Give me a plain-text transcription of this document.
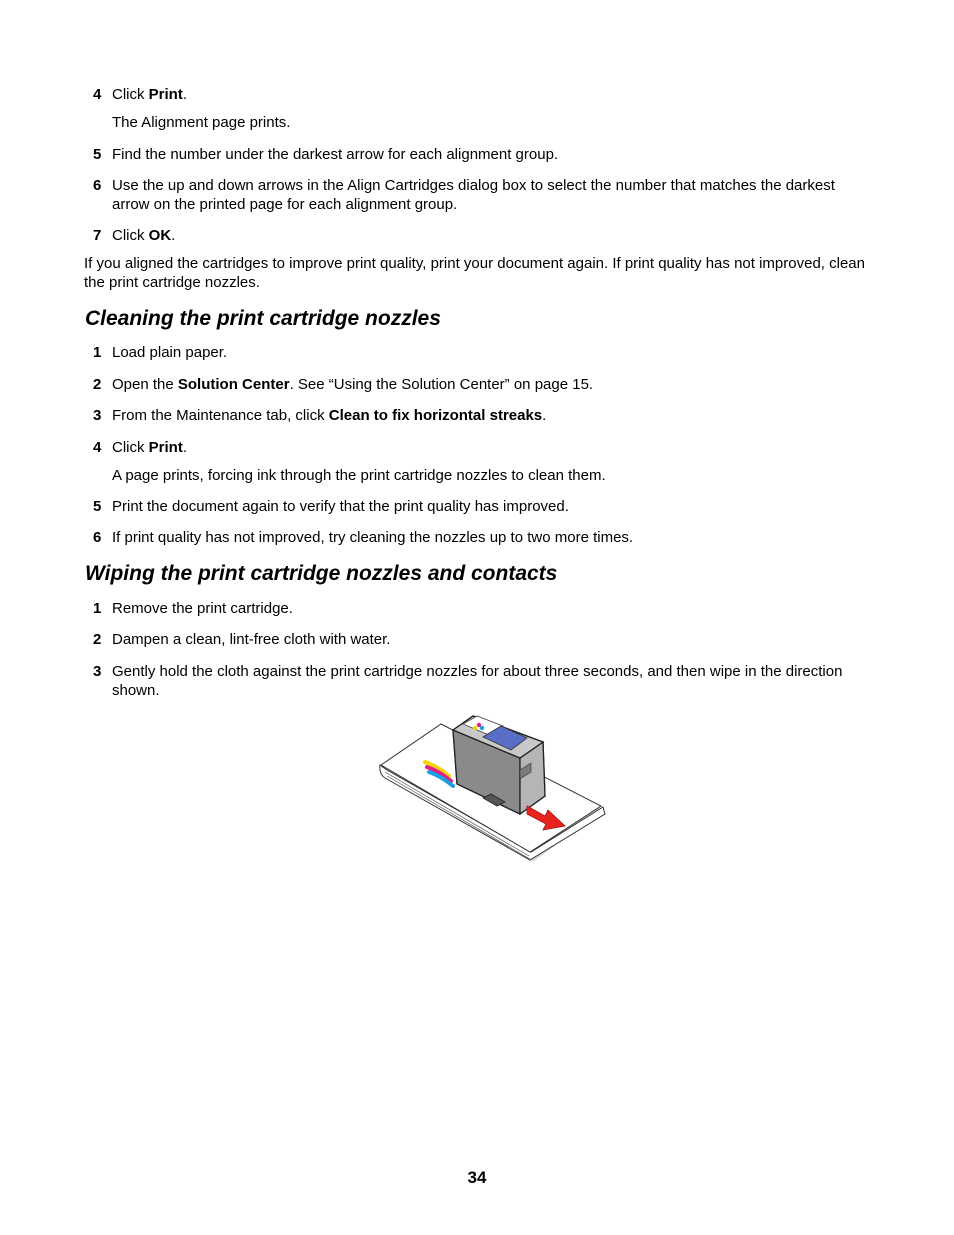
4 Click Print.
The Alignment page prints.
5 Find the number under the darkest arrow for each alignment group.
6 Use the up and down arrows in the Align Cartridges dialog box to select the number that matches the darkest arrow on the printed page for each alignment group.
7 Click OK.
If you aligned the cartridges to improve print quality, print your document again. If print quality has not improved, clean the print cartridge nozzles.
Cleaning the print cartridge nozzles
1 Load plain paper.
2 Open the Solution Center. See “Using the Solution Center” on page 15.
3 From the Maintenance tab, click Clean to fix horizontal streaks.
4 Click Print.
A page prints, forcing ink through the print cartridge nozzles to clean them.
5 Print the document again to verify that the print quality has improved.
6 If print quality has not improved, try cleaning the nozzles up to two more times.
Wiping the print cartridge nozzles and contacts
1 Remove the print cartridge.
2 Dampen a clean, lint-free cloth with water.
3 Gently hold the cloth against the print cartridge nozzles for about three seconds, and then wipe in the direction shown.
34
